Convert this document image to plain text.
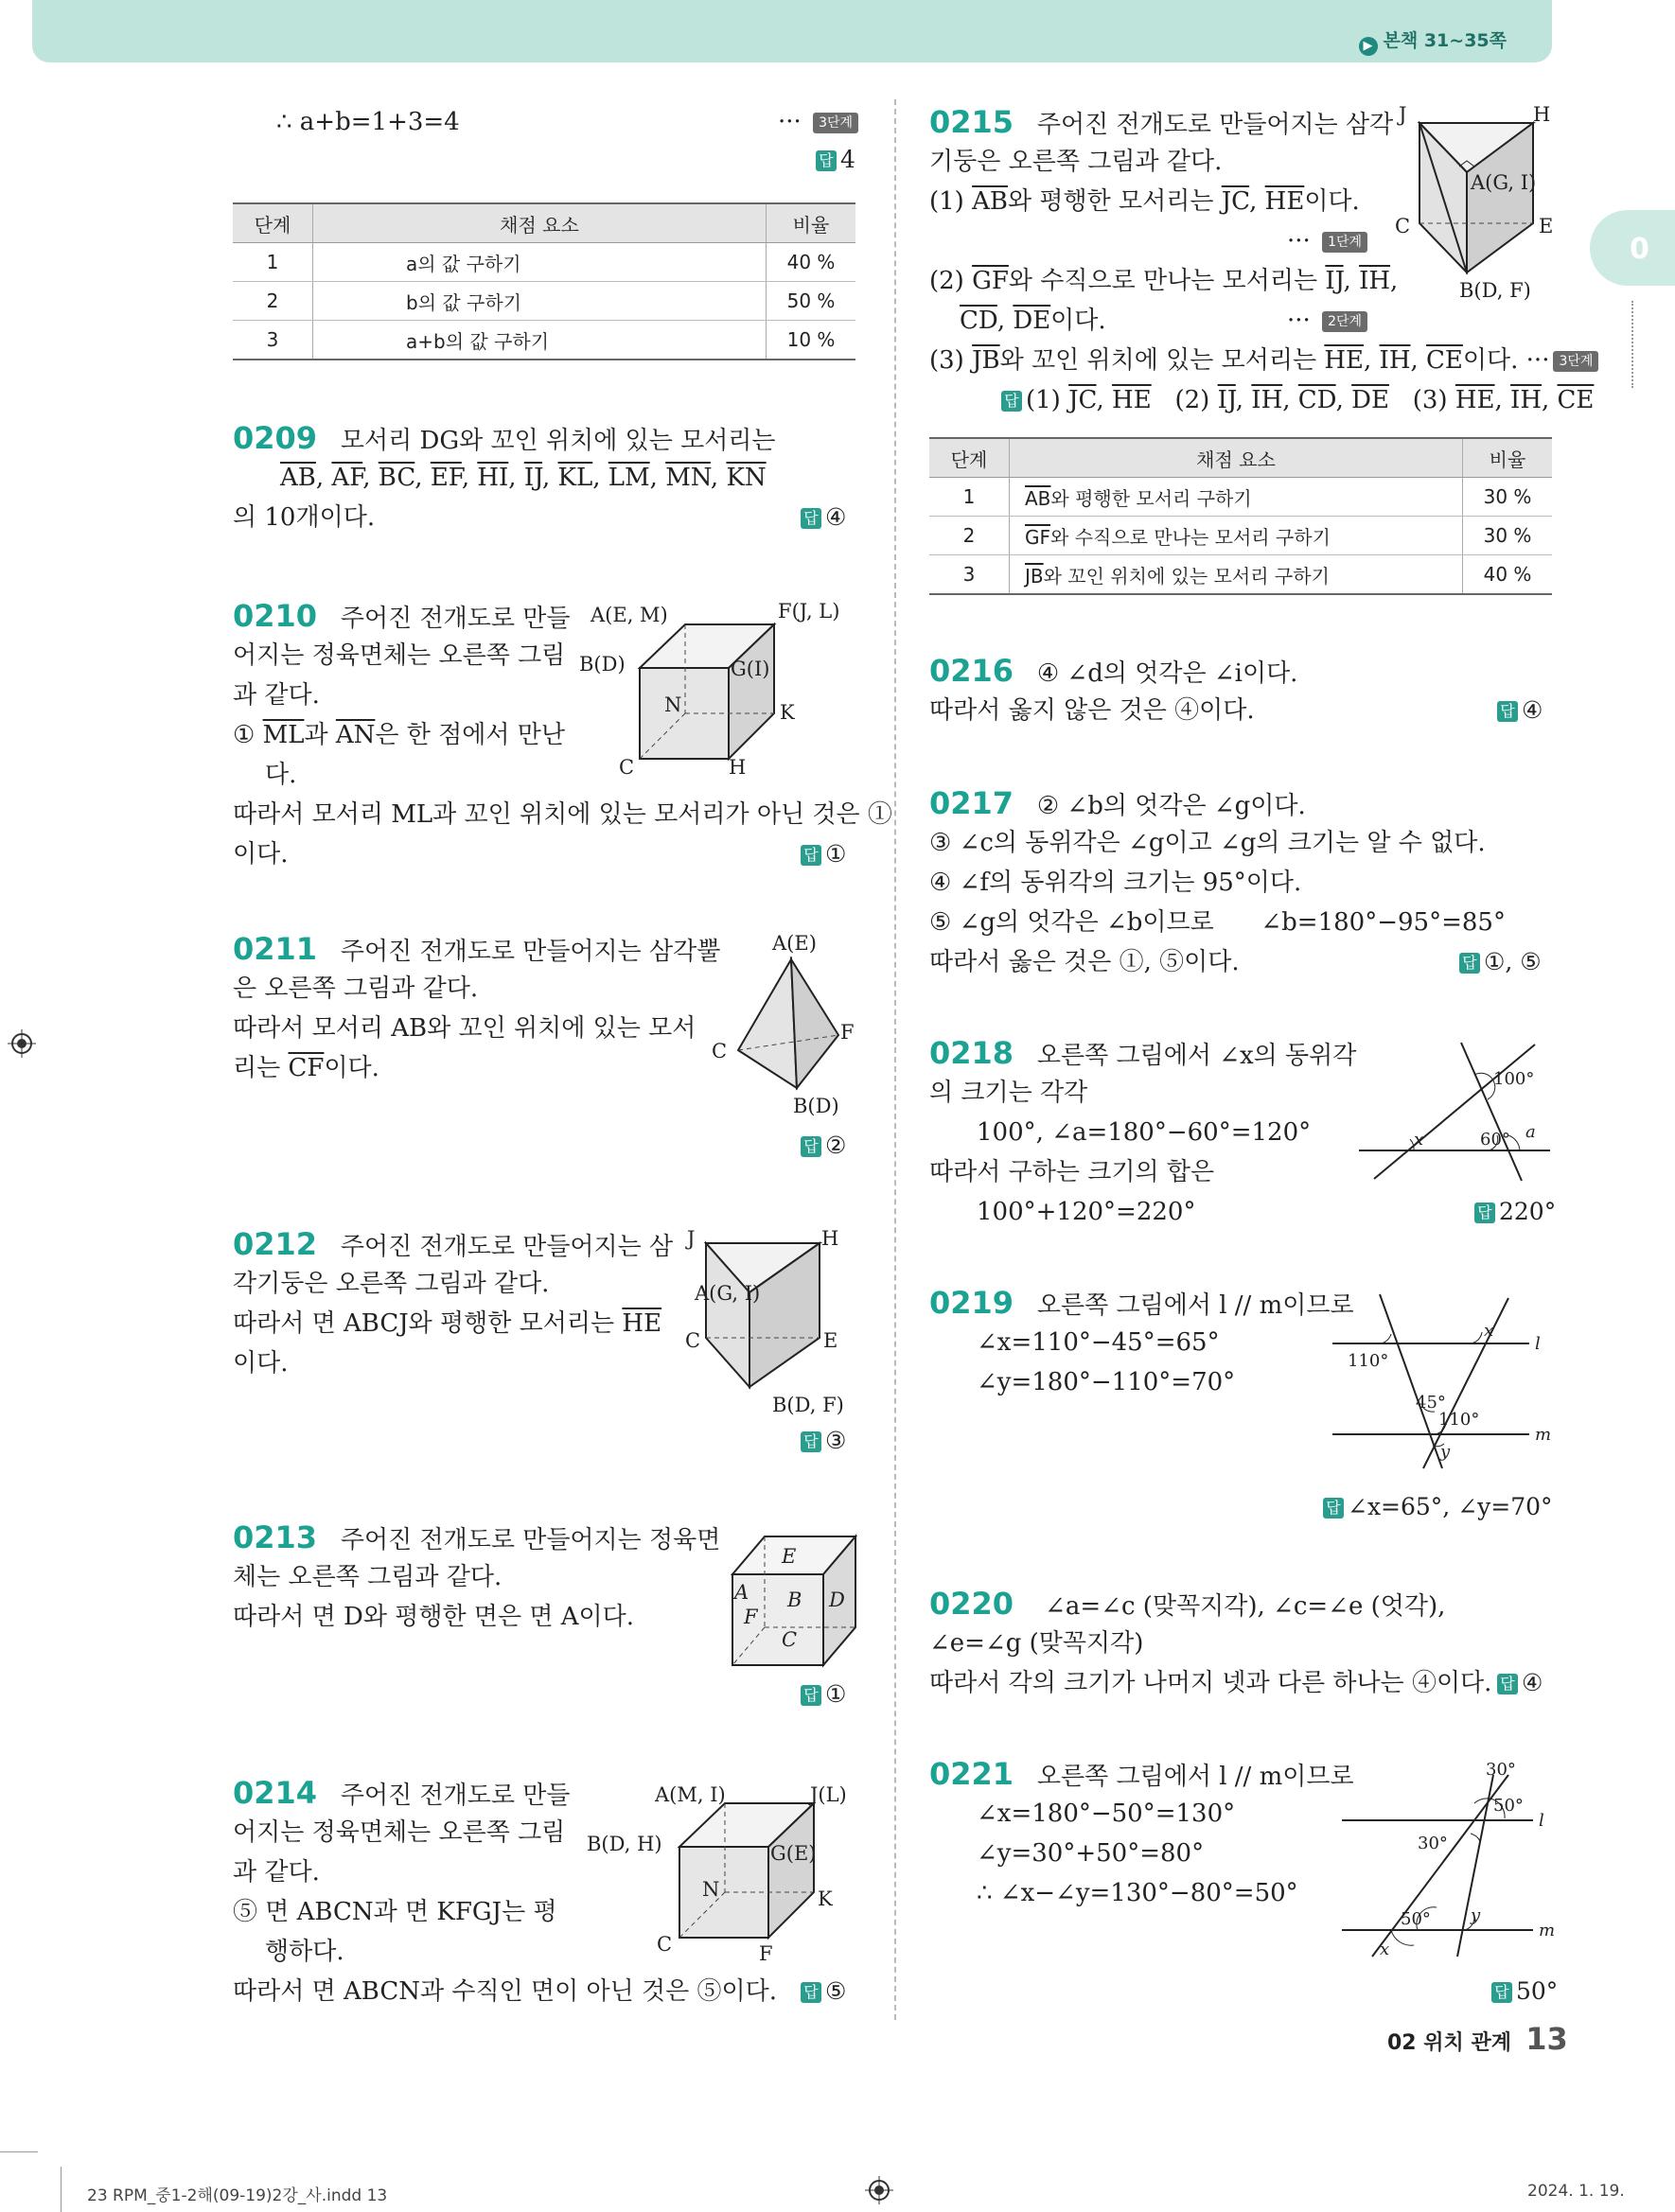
▶ 본책 31~35쪽
0
∴ a+b=1+3=4	··· 3단계
답 4
단계	채점 요소	비율
1	a의 값 구하기	40 %
2	b의 값 구하기	50 %
3	a+b의 값 구하기	10 %
0209 모서리 DG와 꼬인 위치에 있는 모서리는
$\overline{AB}$, $\overline{AF}$, $\overline{BC}$, $\overline{EF}$, $\overline{HI}$, $\overline{IJ}$, $\overline{KL}$, $\overline{LM}$, $\overline{MN}$, $\overline{KN}$
의 10개이다.	답 ④
0210 주어진 전개도로 만들
어지는 정육면체는 오른쪽 그림
과 같다.
① $\overline{ML}$과 $\overline{AN}$은 한 점에서 만난
다.
따라서 모서리 ML과 꼬인 위치에 있는 모서리가 아닌 것은 ①
이다.	답 ①
A(E, M)	F(J, L)
B(D)	G(I)
N	K
C	H
0211 주어진 전개도로 만들어지는 삼각뿔
은 오른쪽 그림과 같다.
따라서 모서리 AB와 꼬인 위치에 있는 모서
리는 $\overline{CF}$이다.
답 ②
A(E)
C
F
B(D)
0212 주어진 전개도로 만들어지는 삼
각기둥은 오른쪽 그림과 같다.
따라서 면 ABCJ와 평행한 모서리는 $\overline{HE}$
이다.
답 ③
J	H
A(G, I)
C	E
B(D, F)
0213 주어진 전개도로 만들어지는 정육면
체는 오른쪽 그림과 같다.
따라서 면 D와 평행한 면은 면 A이다.
답 ①
E
A B D
F
C
0214 주어진 전개도로 만들
어지는 정육면체는 오른쪽 그림
과 같다.
⑤ 면 ABCN과 면 KFGJ는 평
행하다.
따라서 면 ABCN과 수직인 면이 아닌 것은 ⑤이다. 답 ⑤
A(M, I)	J(L)
B(D, H)	G(E)
N	K
C	F
0215 주어진 전개도로 만들어지는 삼각
기둥은 오른쪽 그림과 같다.
(1) $\overline{AB}$와 평행한 모서리는 $\overline{JC}$, $\overline{HE}$이다.
··· 1단계
(2) $\overline{GF}$와 수직으로 만나는 모서리는 $\overline{IJ}$, $\overline{IH}$,
$\overline{CD}$, $\overline{DE}$이다.	··· 2단계
(3) $\overline{JB}$와 꼬인 위치에 있는 모서리는 $\overline{HE}$, $\overline{IH}$, $\overline{CE}$이다. ··· 3단계
답 (1) $\overline{JC}$, $\overline{HE}$ (2) $\overline{IJ}$, $\overline{IH}$, $\overline{CD}$, $\overline{DE}$ (3) $\overline{HE}$, $\overline{IH}$, $\overline{CE}$
J	H
A(G, I)
C	E
B(D, F)
단계	채점 요소	비율
1	$\overline{AB}$와 평행한 모서리 구하기	30 %
2	$\overline{GF}$와 수직으로 만나는 모서리 구하기	30 %
3	$\overline{JB}$와 꼬인 위치에 있는 모서리 구하기	40 %
0216 ④ ∠d의 엇각은 ∠i이다.
따라서 옳지 않은 것은 ④이다.	답 ④
0217 ② ∠b의 엇각은 ∠g이다.
③ ∠c의 동위각은 ∠g이고 ∠g의 크기는 알 수 없다.
④ ∠f의 동위각의 크기는 95°이다.
⑤ ∠g의 엇각은 ∠b이므로 ∠b=180°−95°=85°
따라서 옳은 것은 ①, ⑤이다.	답 ①, ⑤
0218 오른쪽 그림에서 ∠x의 동위각
의 크기는 각각
100°, ∠a=180°−60°=120°
따라서 구하는 크기의 합은
100°+120°=220°	답 220°
100°
x	60° a
0219 오른쪽 그림에서 l // m이므로
∠x=110°−45°=65°
∠y=180°−110°=70°
답 ∠x=65°, ∠y=70°
x
l
110°
45°
110°
m
y
0220 ∠a=∠c (맞꼭지각), ∠c=∠e (엇각),
∠e=∠g (맞꼭지각)
따라서 각의 크기가 나머지 넷과 다른 하나는 ④이다. 답 ④
0221 오른쪽 그림에서 l // m이므로
∠x=180°−50°=130°
∠y=30°+50°=80°
∴ ∠x−∠y=130°−80°=50°
답 50°
30°
50°
l
30°
50° y
m
x
02 위치 관계 13
23 RPM_중1-2해(09-19)2강_사.indd 13	2024. 1. 19.
